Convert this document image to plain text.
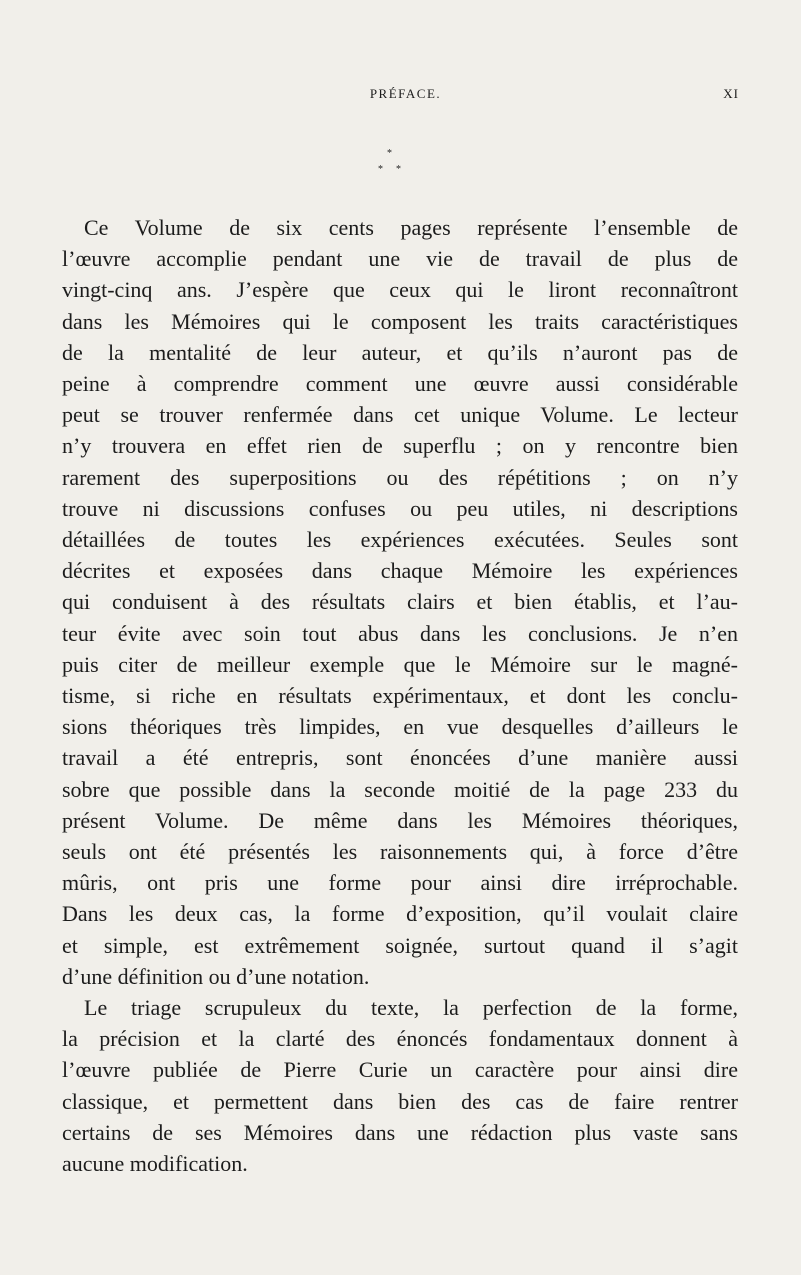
PRÉFACE.	XI
*
* *
Ce Volume de six cents pages représente l’ensemble de
l’œuvre accomplie pendant une vie de travail de plus de
vingt-cinq ans. J’espère que ceux qui le liront reconnaîtront
dans les Mémoires qui le composent les traits caractéristiques
de la mentalité de leur auteur, et qu’ils n’auront pas de
peine à comprendre comment une œuvre aussi considérable
peut se trouver renfermée dans cet unique Volume. Le lecteur
n’y trouvera en effet rien de superflu ; on y rencontre bien
rarement des superpositions ou des répétitions ; on n’y
trouve ni discussions confuses ou peu utiles, ni descriptions
détaillées de toutes les expériences exécutées. Seules sont
décrites et exposées dans chaque Mémoire les expériences
qui conduisent à des résultats clairs et bien établis, et l’au-
teur évite avec soin tout abus dans les conclusions. Je n’en
puis citer de meilleur exemple que le Mémoire sur le magné-
tisme, si riche en résultats expérimentaux, et dont les conclu-
sions théoriques très limpides, en vue desquelles d’ailleurs le
travail a été entrepris, sont énoncées d’une manière aussi
sobre que possible dans la seconde moitié de la page 233 du
présent Volume. De même dans les Mémoires théoriques,
seuls ont été présentés les raisonnements qui, à force d’être
mûris, ont pris une forme pour ainsi dire irréprochable.
Dans les deux cas, la forme d’exposition, qu’il voulait claire
et simple, est extrêmement soignée, surtout quand il s’agit
d’une définition ou d’une notation.
Le triage scrupuleux du texte, la perfection de la forme,
la précision et la clarté des énoncés fondamentaux donnent à
l’œuvre publiée de Pierre Curie un caractère pour ainsi dire
classique, et permettent dans bien des cas de faire rentrer
certains de ses Mémoires dans une rédaction plus vaste sans
aucune modification.
